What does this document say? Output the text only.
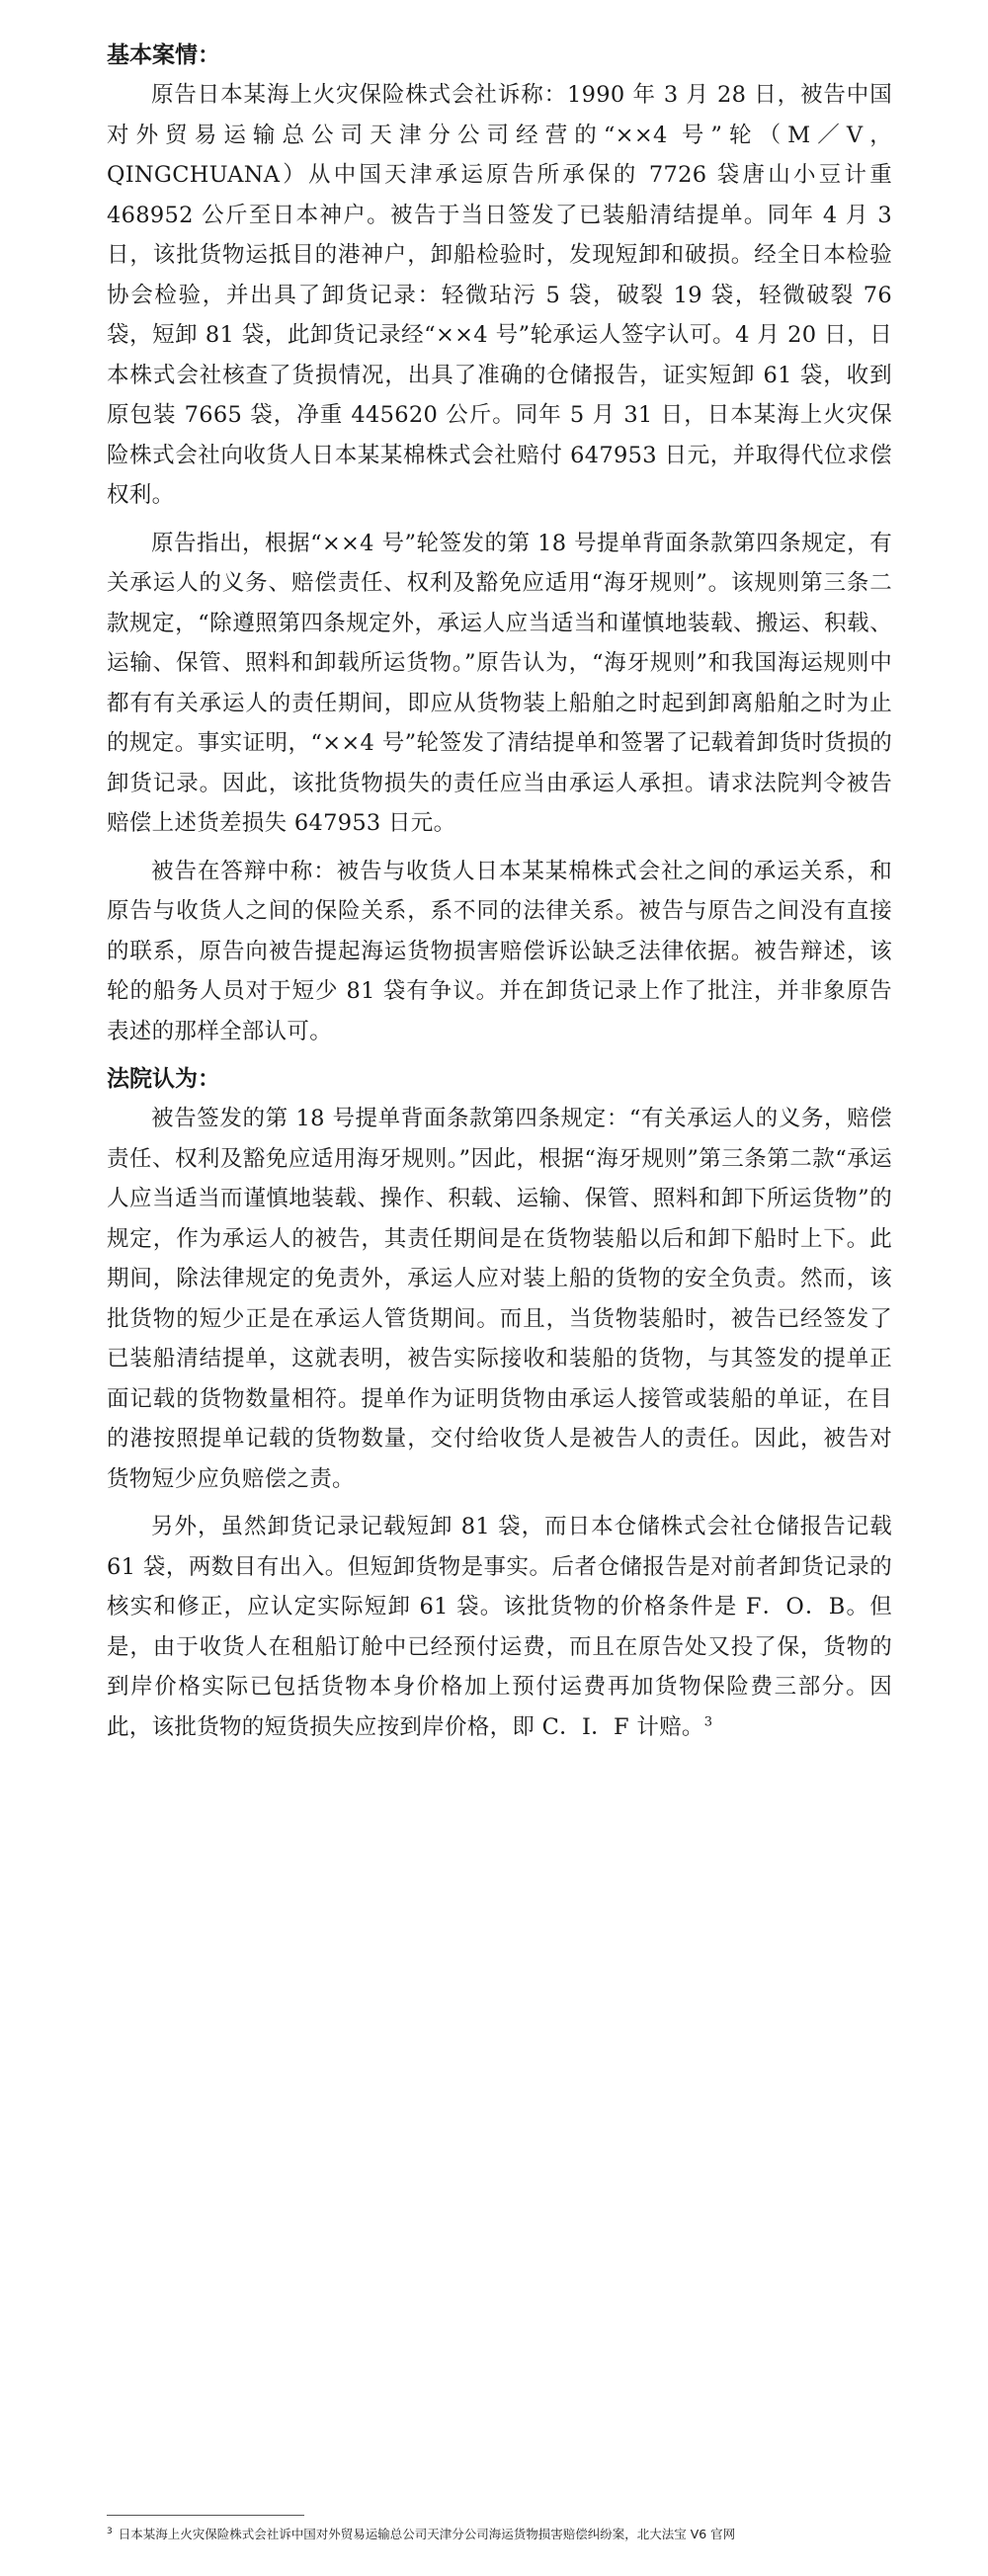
基本案情：

原告日本某海上火灾保险株式会社诉称：1990 年 3 月 28 日，被告中国对外贸易运输总公司天津分公司经营的“××4 号”轮（M／V，QINGCHUANA）从中国天津承运原告所承保的 7726 袋唐山小豆计重 468952 公斤至日本神户。被告于当日签发了已装船清结提单。同年 4 月 3 日，该批货物运抵目的港神户，卸船检验时，发现短卸和破损。经全日本检验协会检验，并出具了卸货记录：轻微玷污 5 袋，破裂 19 袋，轻微破裂 76 袋，短卸 81 袋，此卸货记录经“××4 号”轮承运人签字认可。4 月 20 日，日本株式会社核查了货损情况，出具了准确的仓储报告，证实短卸 61 袋，收到原包装 7665 袋，净重 445620 公斤。同年 5 月 31 日，日本某海上火灾保险株式会社向收货人日本某某棉株式会社赔付 647953 日元，并取得代位求偿权利。

原告指出，根据“××4 号”轮签发的第 18 号提单背面条款第四条规定，有关承运人的义务、赔偿责任、权利及豁免应适用“海牙规则”。该规则第三条二款规定，“除遵照第四条规定外，承运人应当适当和谨慎地装载、搬运、积载、运输、保管、照料和卸载所运货物。”原告认为，“海牙规则”和我国海运规则中都有有关承运人的责任期间，即应从货物装上船舶之时起到卸离船舶之时为止的规定。事实证明，“××4 号”轮签发了清结提单和签署了记载着卸货时货损的卸货记录。因此，该批货物损失的责任应当由承运人承担。请求法院判令被告赔偿上述货差损失 647953 日元。

被告在答辩中称：被告与收货人日本某某棉株式会社之间的承运关系，和原告与收货人之间的保险关系，系不同的法律关系。被告与原告之间没有直接的联系，原告向被告提起海运货物损害赔偿诉讼缺乏法律依据。被告辩述，该轮的船务人员对于短少 81 袋有争议。并在卸货记录上作了批注，并非象原告表述的那样全部认可。

法院认为：

被告签发的第 18 号提单背面条款第四条规定：“有关承运人的义务，赔偿责任、权利及豁免应适用海牙规则。”因此，根据“海牙规则”第三条第二款“承运人应当适当而谨慎地装载、操作、积载、运输、保管、照料和卸下所运货物”的规定，作为承运人的被告，其责任期间是在货物装船以后和卸下船时上下。此期间，除法律规定的免责外，承运人应对装上船的货物的安全负责。然而，该批货物的短少正是在承运人管货期间。而且，当货物装船时，被告已经签发了已装船清结提单，这就表明，被告实际接收和装船的货物，与其签发的提单正面记载的货物数量相符。提单作为证明货物由承运人接管或装船的单证，在目的港按照提单记载的货物数量，交付给收货人是被告人的责任。因此，被告对货物短少应负赔偿之责。

另外，虽然卸货记录记载短卸 81 袋，而日本仓储株式会社仓储报告记载 61 袋，两数目有出入。但短卸货物是事实。后者仓储报告是对前者卸货记录的核实和修正，应认定实际短卸 61 袋。该批货物的价格条件是 F．O．B。但是，由于收货人在租船订舱中已经预付运费，而且在原告处又投了保，货物的到岸价格实际已包括货物本身价格加上预付运费再加货物保险费三部分。因此，该批货物的短货损失应按到岸价格，即 C．I．F 计赔。$^3$

$^3$ 日本某海上火灾保险株式会社诉中国对外贸易运输总公司天津分公司海运货物损害赔偿纠纷案，北大法宝 V6 官网
